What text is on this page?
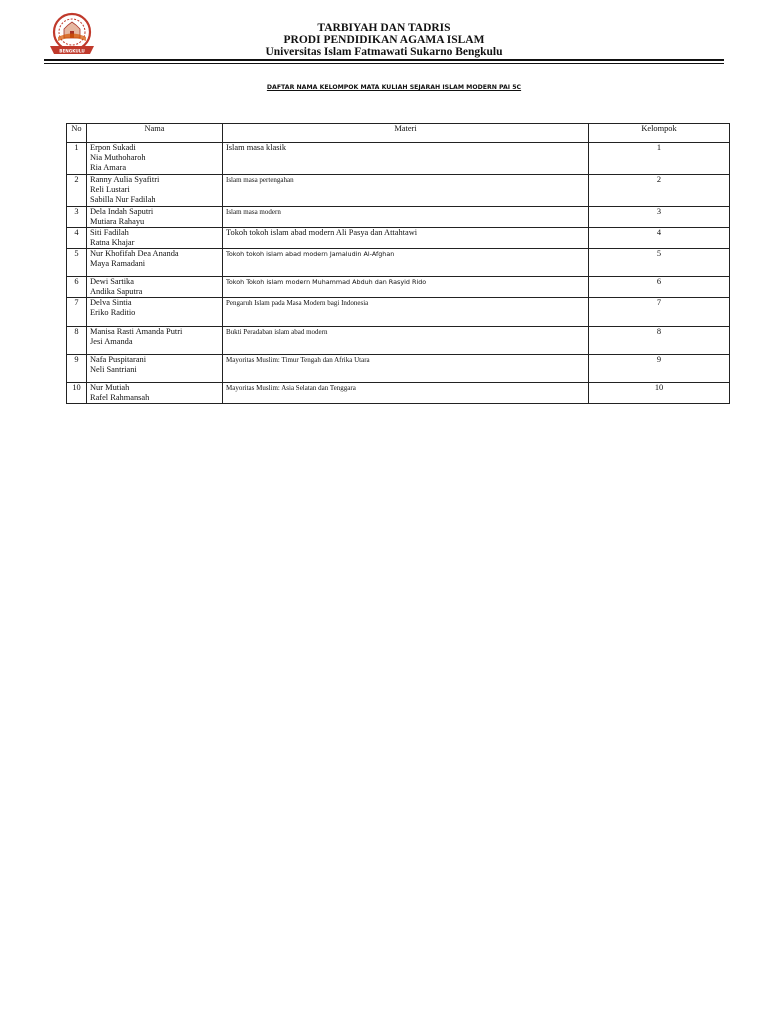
BENGKULU
TARBIYAH DAN TADRIS
PRODI PENDIDIKAN AGAMA ISLAM
Universitas Islam Fatmawati Sukarno Bengkulu
DAFTAR NAMA KELOMPOK MATA KULIAH SEJARAH ISLAM MODERN PAI 5C
No	Nama	Materi	Kelompok
1	Erpon Sukadi
Nia Muthoharoh
Ria Amara	Islam masa klasik	1
2	Ranny Aulia Syafitri
Reli Lustari
Sabilla Nur Fadilah	Islam masa pertengahan	2
3	Dela Indah Saputri
Mutiara Rahayu	Islam masa modern	3
4	Siti Fadilah
Ratna Khajar	Tokoh tokoh islam abad modern Ali Pasya dan Attahtawi	4
5	Nur Khofifah Dea Ananda
Maya Ramadani	Tokoh tokoh islam abad modern Jamaludin Al-Afghan	5
6	Dewi Sartika
Andika Saputra	Tokoh Tokoh islam modern Muhammad Abduh dan Rasyid Rido	6
7	Delva Sintia
Eriko Raditio	Pengaruh Islam pada Masa Modern bagi Indonesia	7
8	Manisa Rasti Amanda Putri
Jesi Amanda	Bukti Peradaban islam abad modern	8
9	Nafa Puspitarani
Neli Santriani	Mayoritas Muslim: Timur Tengah dan Afrika Utara	9
10	Nur Mutiah
Rafel Rahmansah	Mayoritas Muslim: Asia Selatan dan Tenggara	10
